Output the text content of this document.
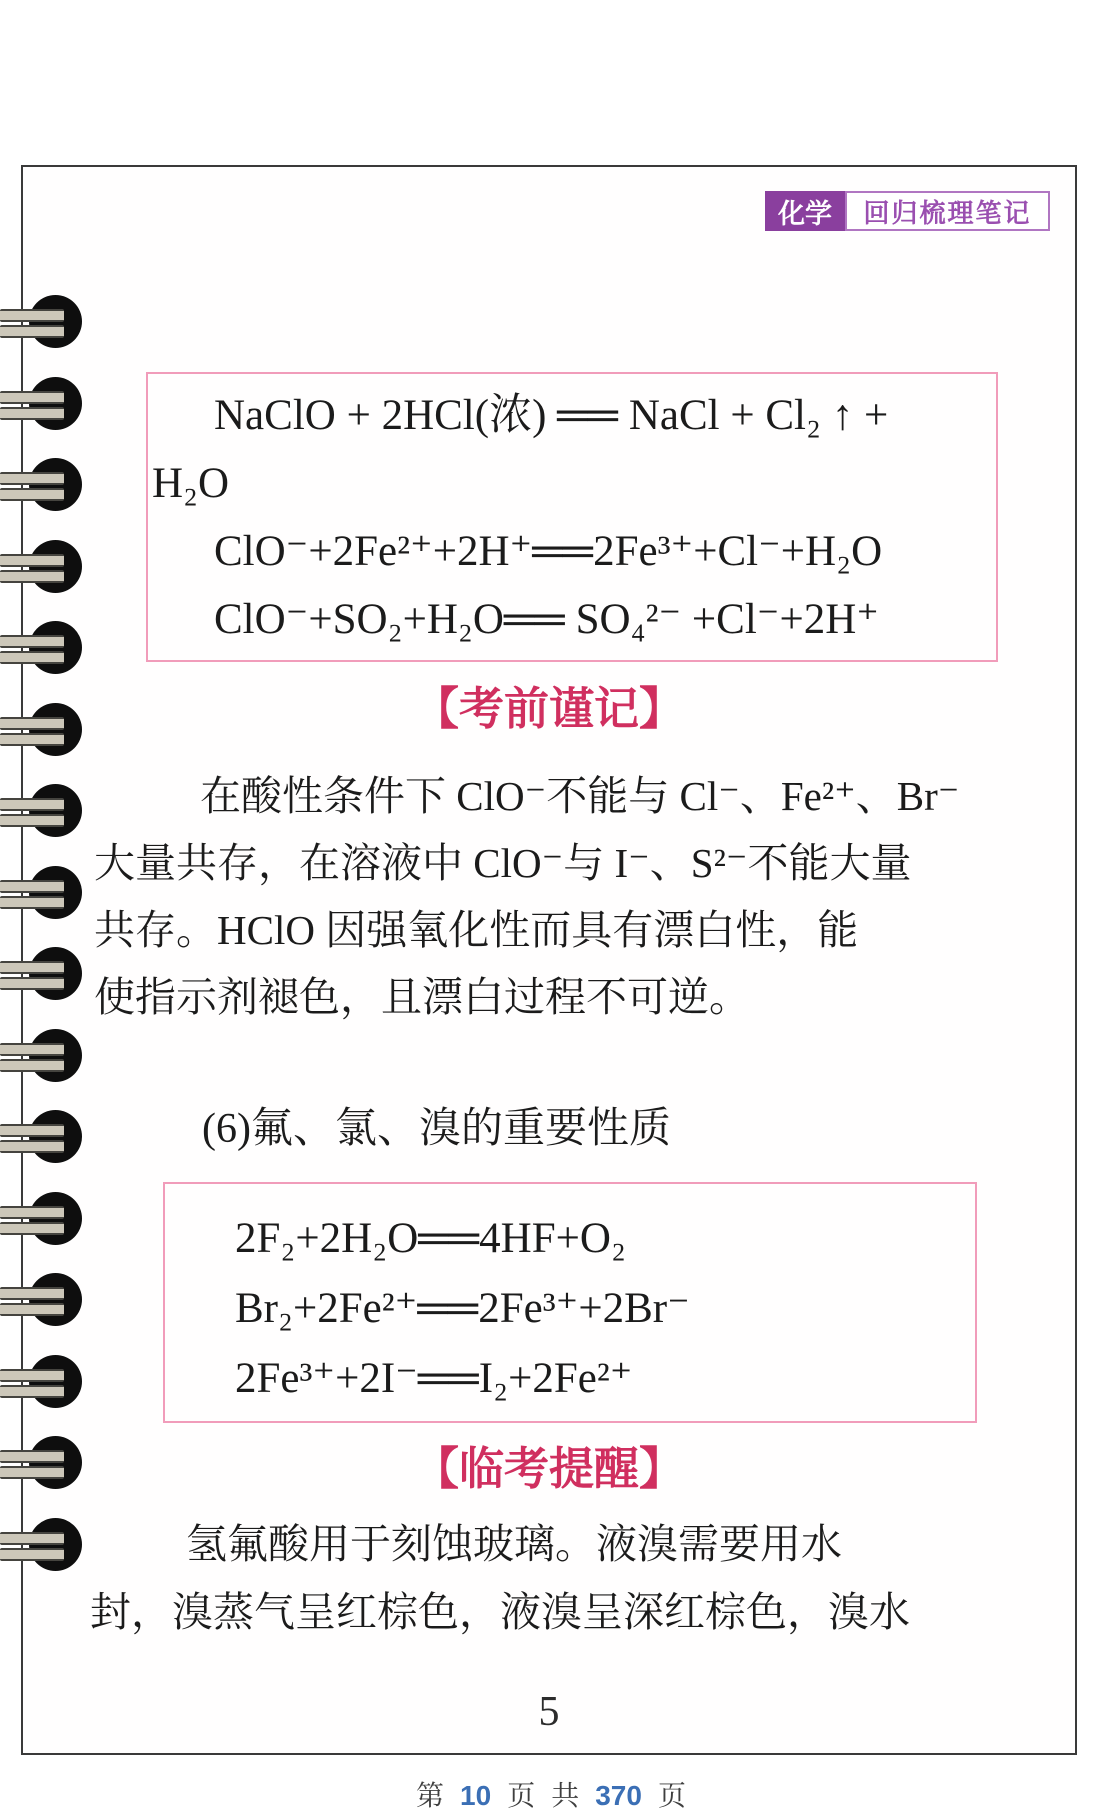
化学	回归梳理笔记
NaClO + 2HCl(浓) ══ NaCl + Cl₂ ↑ +
H₂O
ClO⁻+2Fe²⁺+2H⁺══2Fe³⁺+Cl⁻+H₂O
ClO⁻+SO₂+H₂O══ SO₄²⁻ +Cl⁻+2H⁺
【考前谨记】
在酸性条件下 ClO⁻不能与 Cl⁻、Fe²⁺、Br⁻
大量共存，在溶液中 ClO⁻与 I⁻、S²⁻不能大量
共存。HClO 因强氧化性而具有漂白性，能
使指示剂褪色，且漂白过程不可逆。
(6)氟、氯、溴的重要性质
2F₂+2H₂O══4HF+O₂
Br₂+2Fe²⁺══2Fe³⁺+2Br⁻
2Fe³⁺+2I⁻══I₂+2Fe²⁺
【临考提醒】
氢氟酸用于刻蚀玻璃。液溴需要用水
封，溴蒸气呈红棕色，液溴呈深红棕色，溴水
5
第 10 页 共 370 页
